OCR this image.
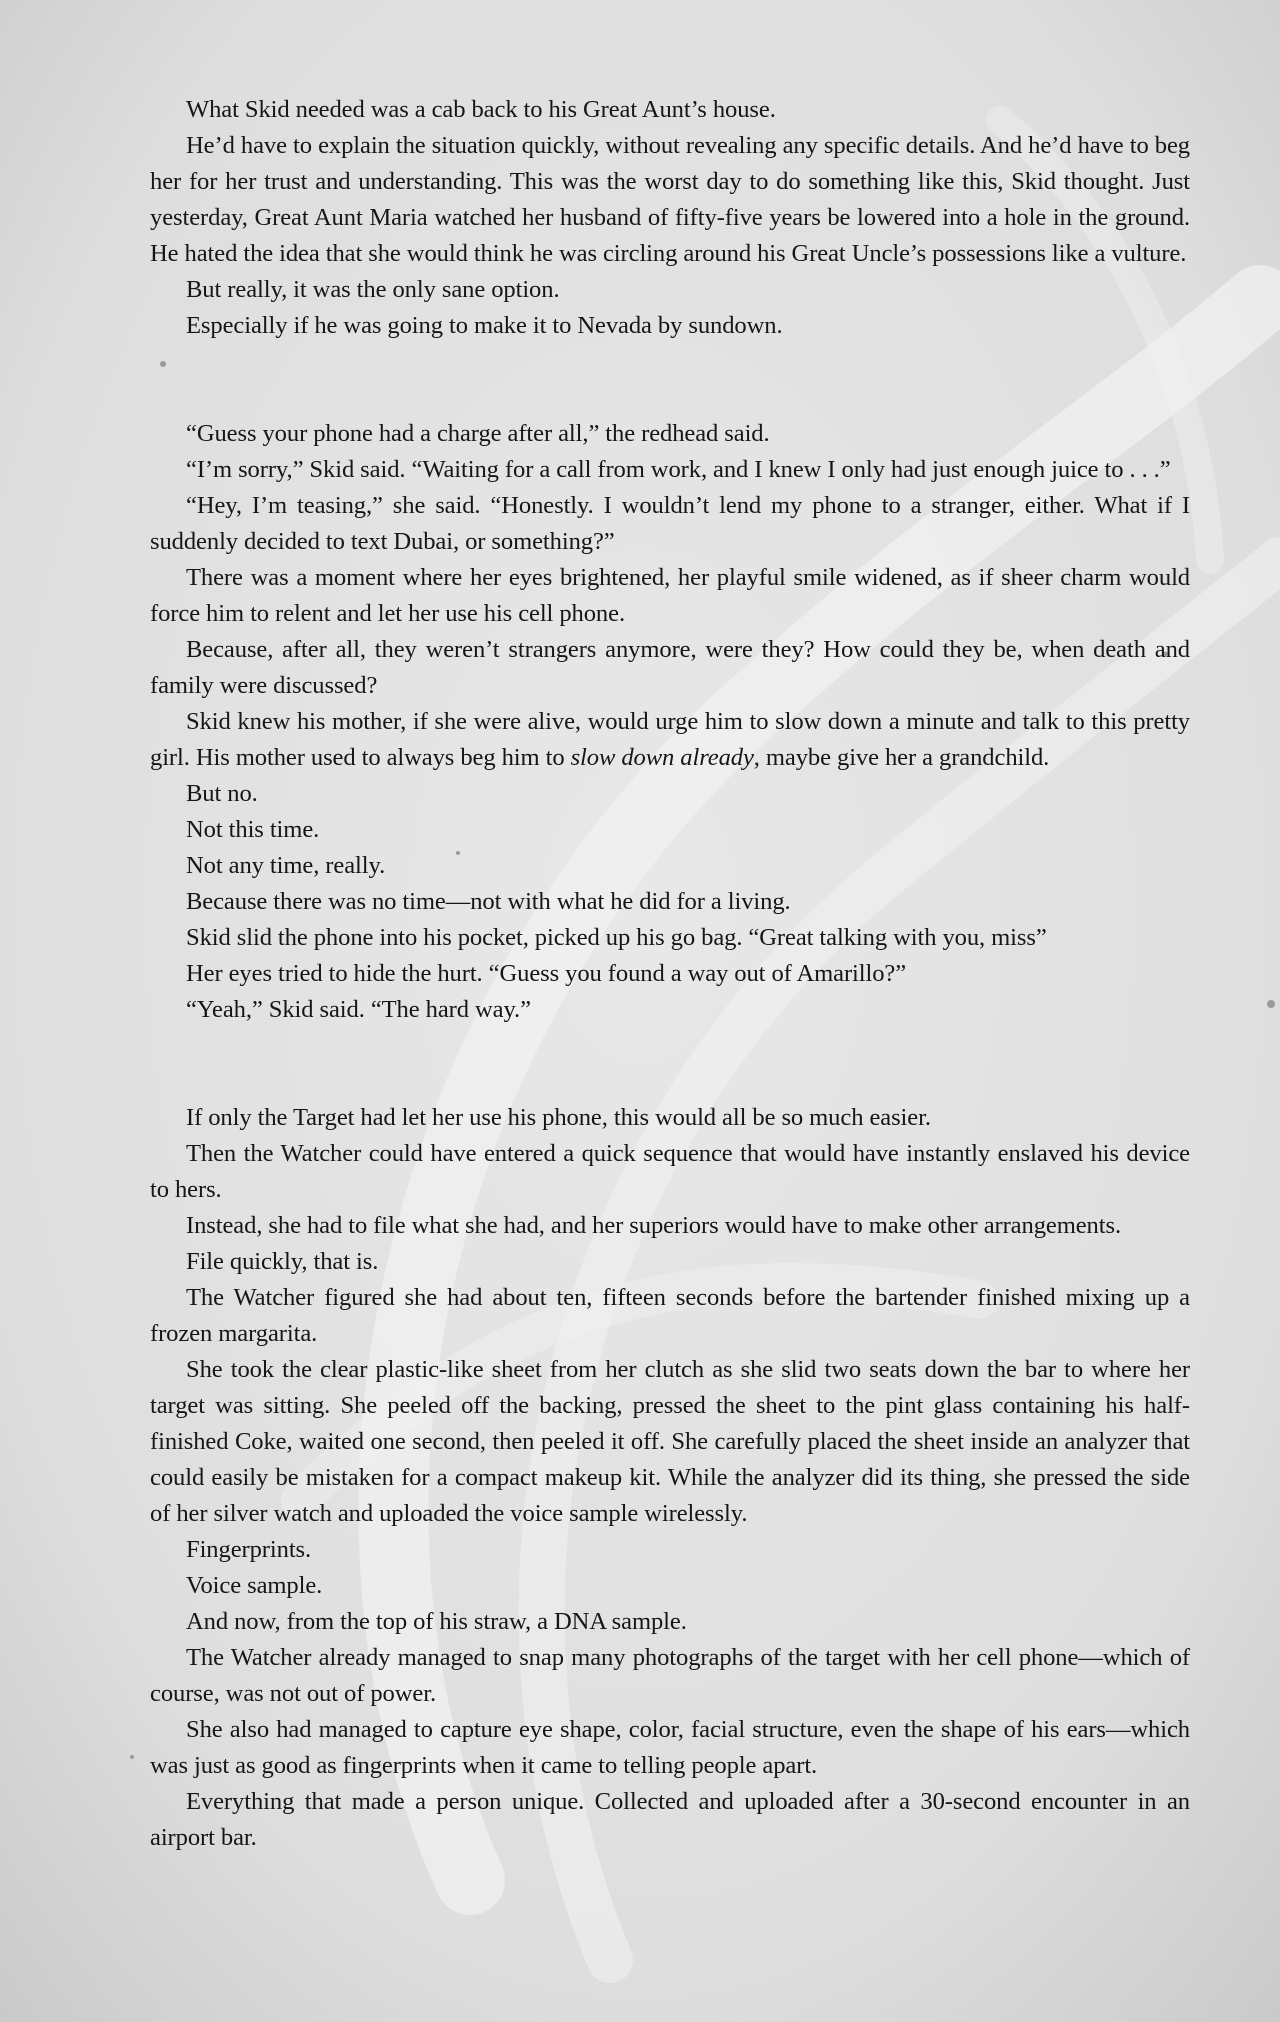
What Skid needed was a cab back to his Great Aunt’s house.

He’d have to explain the situation quickly, without revealing any specific details. And he’d have to beg her for her trust and understanding. This was the worst day to do something like this, Skid thought. Just yesterday, Great Aunt Maria watched her husband of fifty-five years be lowered into a hole in the ground. He hated the idea that she would think he was circling around his Great Uncle’s possessions like a vulture.

But really, it was the only sane option.

Especially if he was going to make it to Nevada by sundown.

“Guess your phone had a charge after all,” the redhead said.

“I’m sorry,” Skid said. “Waiting for a call from work, and I knew I only had just enough juice to . . .”

“Hey, I’m teasing,” she said. “Honestly. I wouldn’t lend my phone to a stranger, either. What if I suddenly decided to text Dubai, or something?”

There was a moment where her eyes brightened, her playful smile widened, as if sheer charm would force him to relent and let her use his cell phone.

Because, after all, they weren’t strangers anymore, were they? How could they be, when death and family were discussed?

Skid knew his mother, if she were alive, would urge him to slow down a minute and talk to this pretty girl. His mother used to always beg him to slow down already, maybe give her a grandchild.

But no.

Not this time.

Not any time, really.

Because there was no time—not with what he did for a living.

Skid slid the phone into his pocket, picked up his go bag. “Great talking with you, miss”

Her eyes tried to hide the hurt. “Guess you found a way out of Amarillo?”

“Yeah,” Skid said. “The hard way.”

If only the Target had let her use his phone, this would all be so much easier.

Then the Watcher could have entered a quick sequence that would have instantly enslaved his device to hers.

Instead, she had to file what she had, and her superiors would have to make other arrangements.

File quickly, that is.

The Watcher figured she had about ten, fifteen seconds before the bartender finished mixing up a frozen margarita.

She took the clear plastic-like sheet from her clutch as she slid two seats down the bar to where her target was sitting. She peeled off the backing, pressed the sheet to the pint glass containing his half-finished Coke, waited one second, then peeled it off. She carefully placed the sheet inside an analyzer that could easily be mistaken for a compact makeup kit. While the analyzer did its thing, she pressed the side of her silver watch and uploaded the voice sample wirelessly.

Fingerprints.

Voice sample.

And now, from the top of his straw, a DNA sample.

The Watcher already managed to snap many photographs of the target with her cell phone—which of course, was not out of power.

She also had managed to capture eye shape, color, facial structure, even the shape of his ears—which was just as good as fingerprints when it came to telling people apart.

Everything that made a person unique. Collected and uploaded after a 30-second encounter in an airport bar.
